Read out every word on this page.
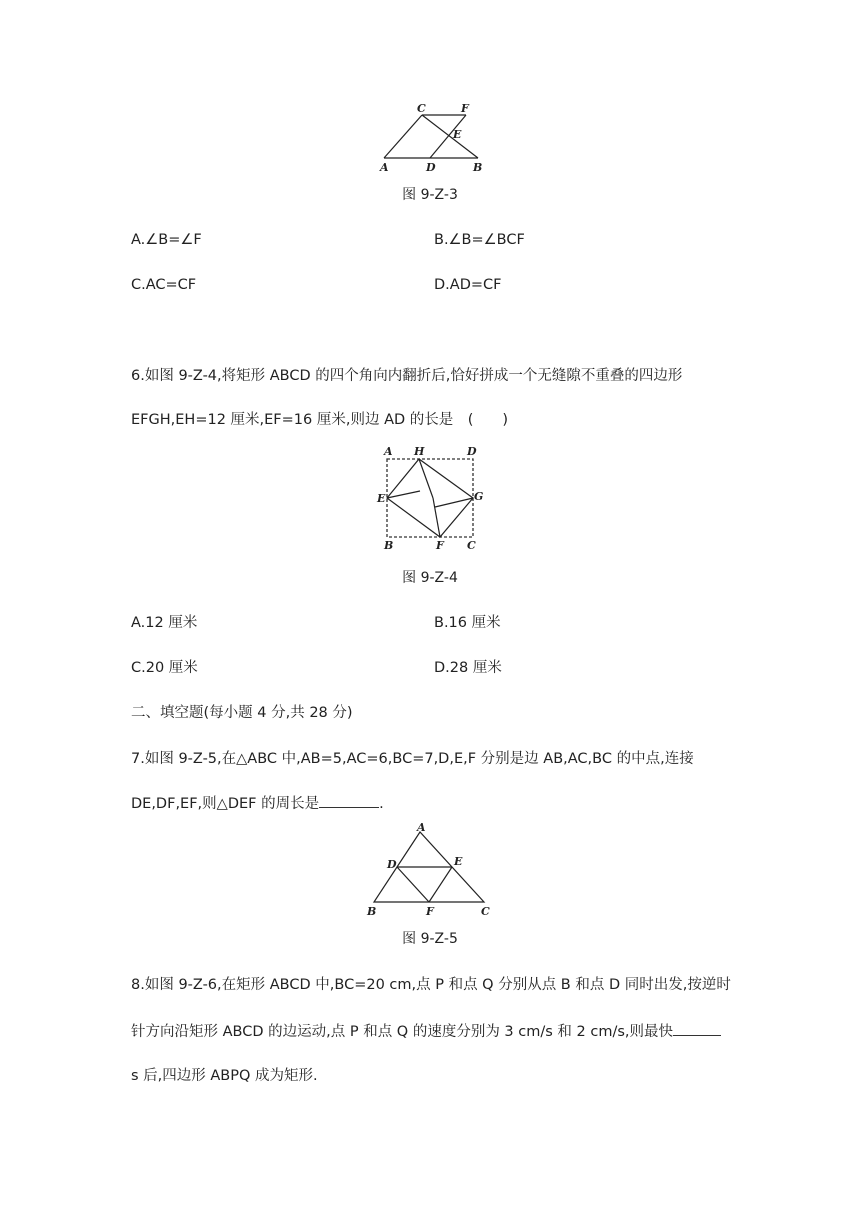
C	F
E
A	D	B
图 9-Z-3
A.∠B=∠F	B.∠B=∠BCF
C.AC=CF	D.AD=CF
6.如图 9-Z-4,将矩形 ABCD 的四个角向内翻折后,恰好拼成一个无缝隙不重叠的四边形
EFGH,EH=12 厘米,EF=16 厘米,则边 AD 的长是　(　　)
A H	D
E	G
B	F C
图 9-Z-4
A.12 厘米	B.16 厘米
C.20 厘米	D.28 厘米
二、填空题(每小题 4 分,共 28 分)
7.如图 9-Z-5,在△ABC 中,AB=5,AC=6,BC=7,D,E,F 分别是边 AB,AC,BC 的中点,连接
DE,DF,EF,则△DEF 的周长是	.
A
D	E
B	F	C
图 9-Z-5
8.如图 9-Z-6,在矩形 ABCD 中,BC=20 cm,点 P 和点 Q 分别从点 B 和点 D 同时出发,按逆时
针方向沿矩形 ABCD 的边运动,点 P 和点 Q 的速度分别为 3 cm/s 和 2 cm/s,则最快
s 后,四边形 ABPQ 成为矩形.
